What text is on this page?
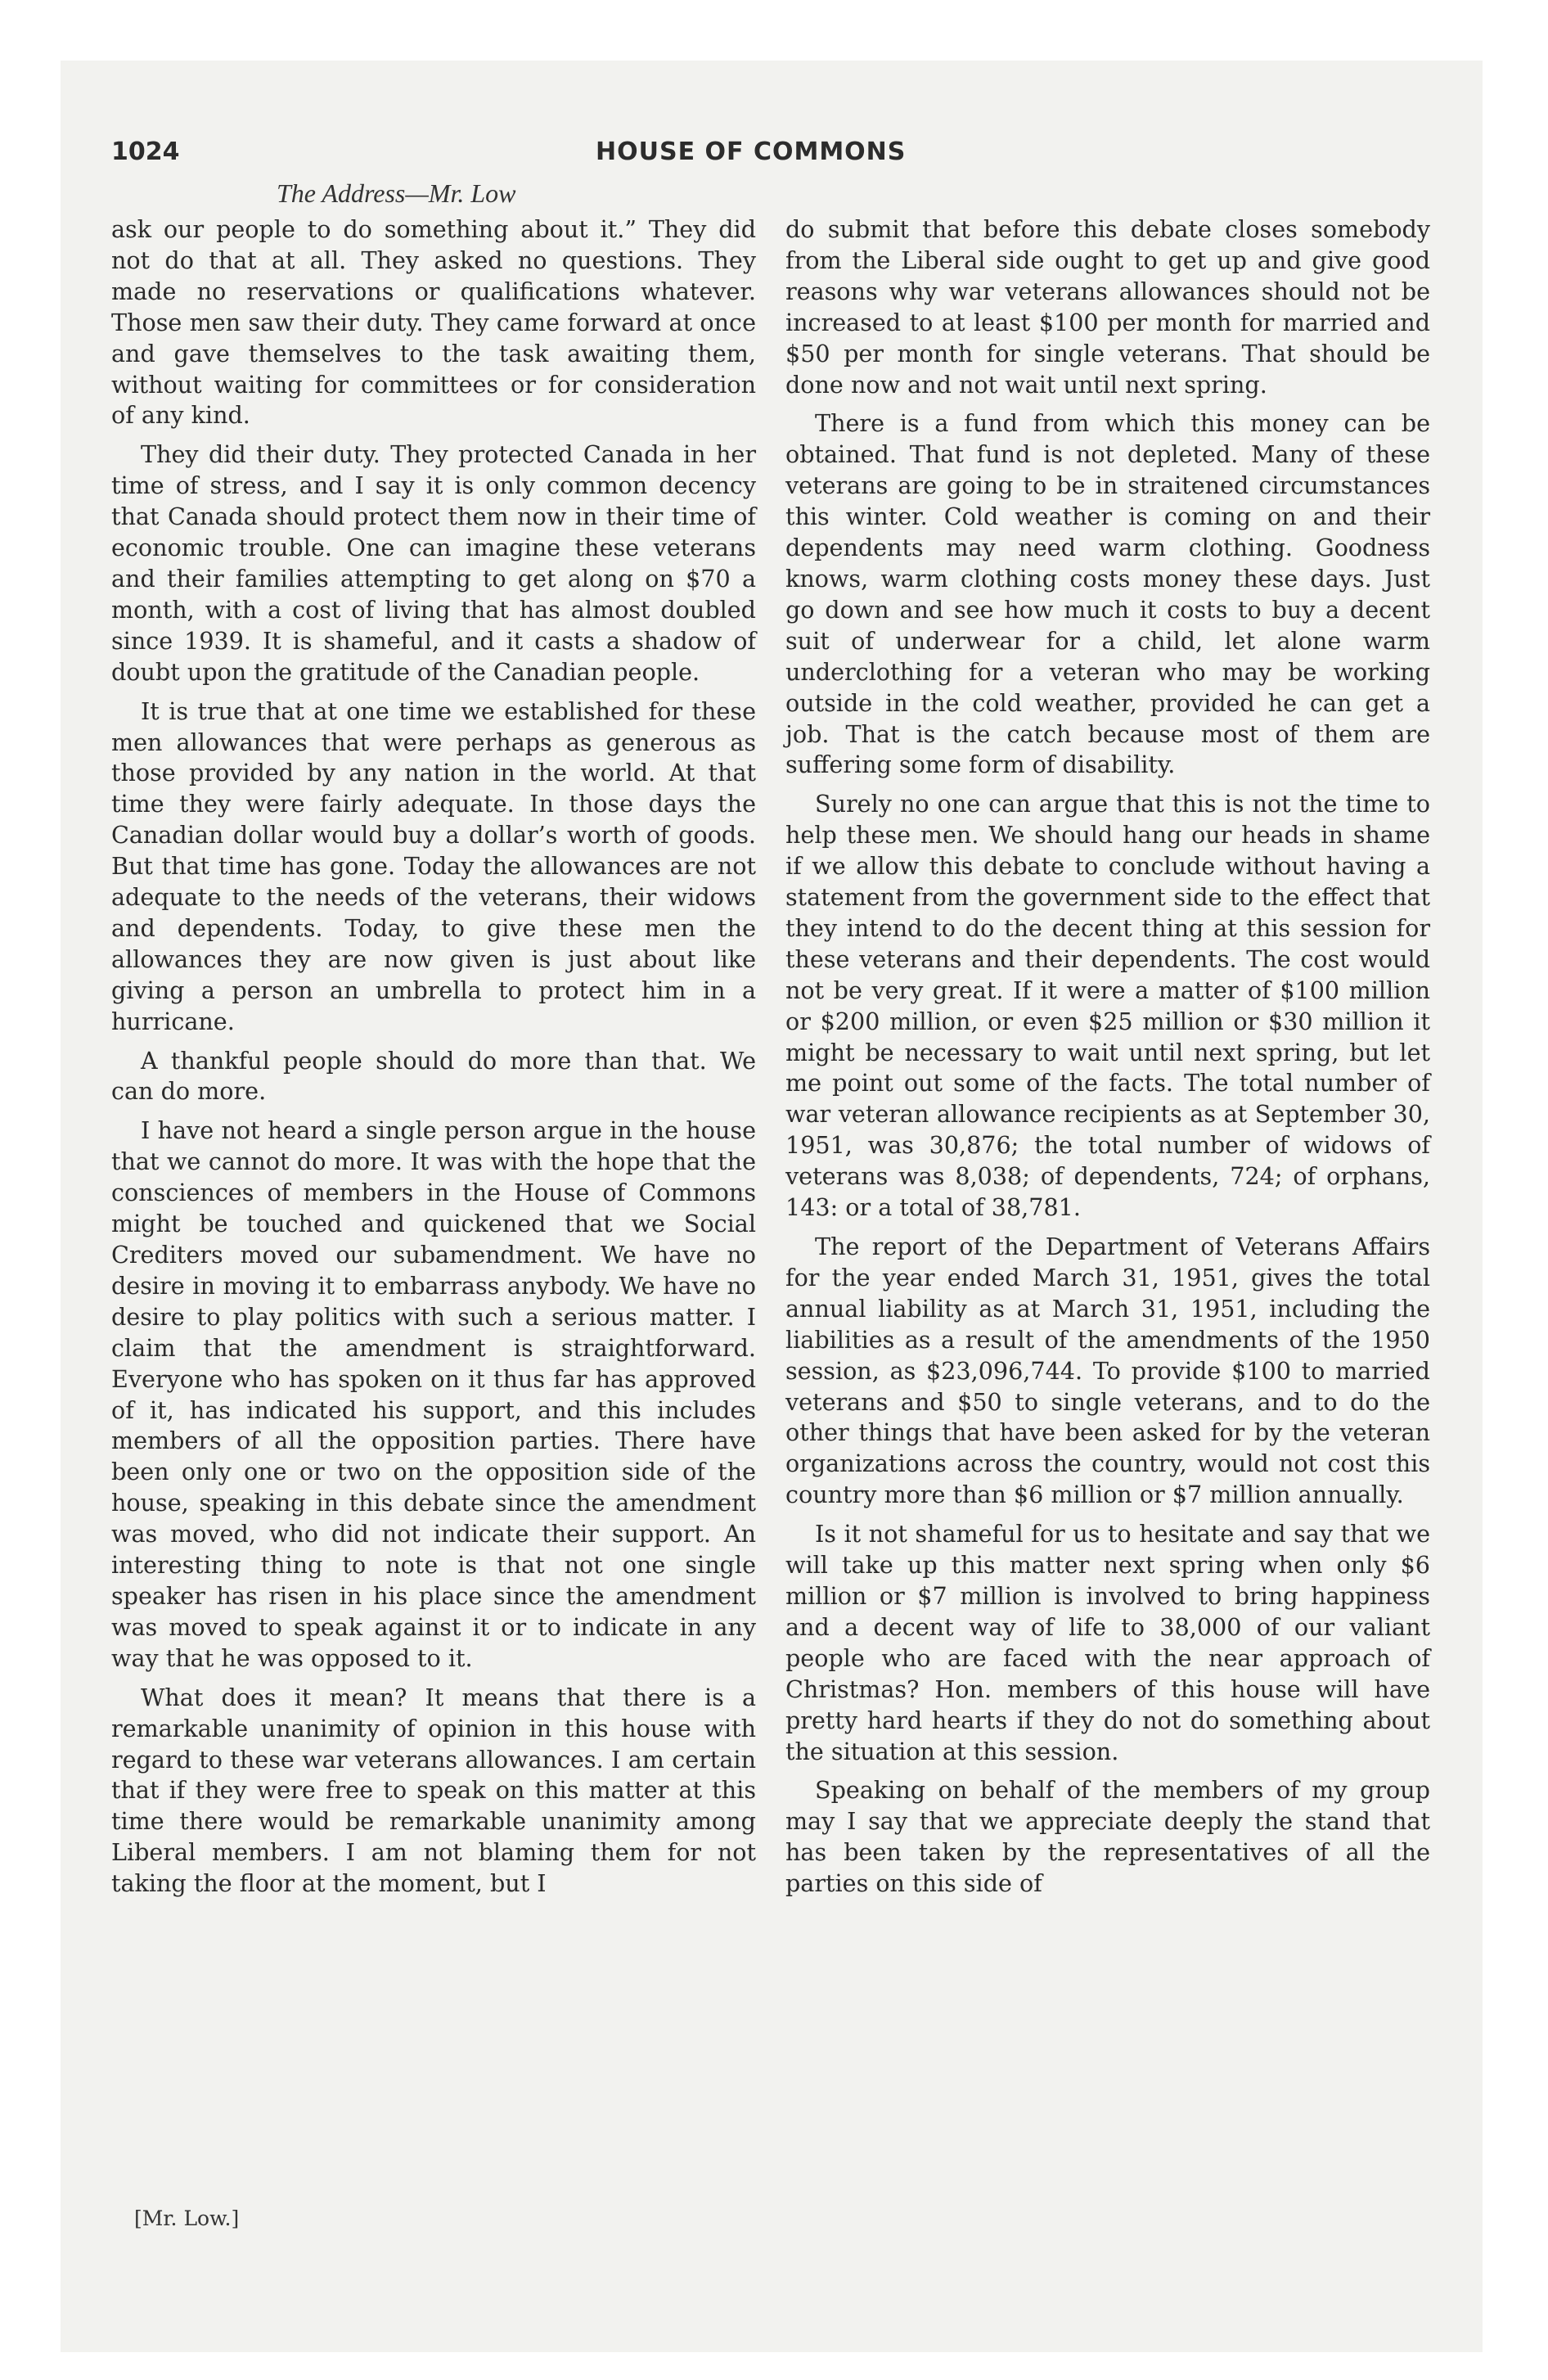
1024	HOUSE OF COMMONS
The Address—Mr. Low

ask our people to do something about it.” They did not do that at all. They asked no questions. They made no reservations or qualifications whatever. Those men saw their duty. They came forward at once and gave themselves to the task awaiting them, without waiting for committees or for consideration of any kind.

They did their duty. They protected Canada in her time of stress, and I say it is only common decency that Canada should protect them now in their time of economic trouble. One can imagine these veterans and their families attempting to get along on $70 a month, with a cost of living that has almost doubled since 1939. It is shameful, and it casts a shadow of doubt upon the gratitude of the Canadian people.

It is true that at one time we established for these men allowances that were perhaps as generous as those provided by any nation in the world. At that time they were fairly adequate. In those days the Canadian dollar would buy a dollar’s worth of goods. But that time has gone. Today the allowances are not adequate to the needs of the veterans, their widows and dependents. Today, to give these men the allowances they are now given is just about like giving a person an umbrella to protect him in a hurricane.

A thankful people should do more than that. We can do more.

I have not heard a single person argue in the house that we cannot do more. It was with the hope that the consciences of members in the House of Commons might be touched and quickened that we Social Crediters moved our subamendment. We have no desire in moving it to embarrass anybody. We have no desire to play politics with such a serious matter. I claim that the amendment is straightforward. Everyone who has spoken on it thus far has approved of it, has indicated his support, and this includes members of all the opposition parties. There have been only one or two on the opposition side of the house, speaking in this debate since the amendment was moved, who did not indicate their support. An interesting thing to note is that not one single speaker has risen in his place since the amendment was moved to speak against it or to indicate in any way that he was opposed to it.

What does it mean? It means that there is a remarkable unanimity of opinion in this house with regard to these war veterans allowances. I am certain that if they were free to speak on this matter at this time there would be remarkable unanimity among Liberal members. I am not blaming them for not taking the floor at the moment, but I

do submit that before this debate closes somebody from the Liberal side ought to get up and give good reasons why war veterans allowances should not be increased to at least $100 per month for married and $50 per month for single veterans. That should be done now and not wait until next spring.

There is a fund from which this money can be obtained. That fund is not depleted. Many of these veterans are going to be in straitened circumstances this winter. Cold weather is coming on and their dependents may need warm clothing. Goodness knows, warm clothing costs money these days. Just go down and see how much it costs to buy a decent suit of underwear for a child, let alone warm underclothing for a veteran who may be working outside in the cold weather, provided he can get a job. That is the catch because most of them are suffering some form of disability.

Surely no one can argue that this is not the time to help these men. We should hang our heads in shame if we allow this debate to conclude without having a statement from the government side to the effect that they intend to do the decent thing at this session for these veterans and their dependents. The cost would not be very great. If it were a matter of $100 million or $200 million, or even $25 million or $30 million it might be necessary to wait until next spring, but let me point out some of the facts. The total number of war veteran allowance recipients as at September 30, 1951, was 30,876; the total number of widows of veterans was 8,038; of dependents, 724; of orphans, 143: or a total of 38,781.

The report of the Department of Veterans Affairs for the year ended March 31, 1951, gives the total annual liability as at March 31, 1951, including the liabilities as a result of the amendments of the 1950 session, as $23,096,744. To provide $100 to married veterans and $50 to single veterans, and to do the other things that have been asked for by the veteran organizations across the country, would not cost this country more than $6 million or $7 million annually.

Is it not shameful for us to hesitate and say that we will take up this matter next spring when only $6 million or $7 million is involved to bring happiness and a decent way of life to 38,000 of our valiant people who are faced with the near approach of Christmas? Hon. members of this house will have pretty hard hearts if they do not do something about the situation at this session.

Speaking on behalf of the members of my group may I say that we appreciate deeply the stand that has been taken by the representatives of all the parties on this side of

[Mr. Low.]
